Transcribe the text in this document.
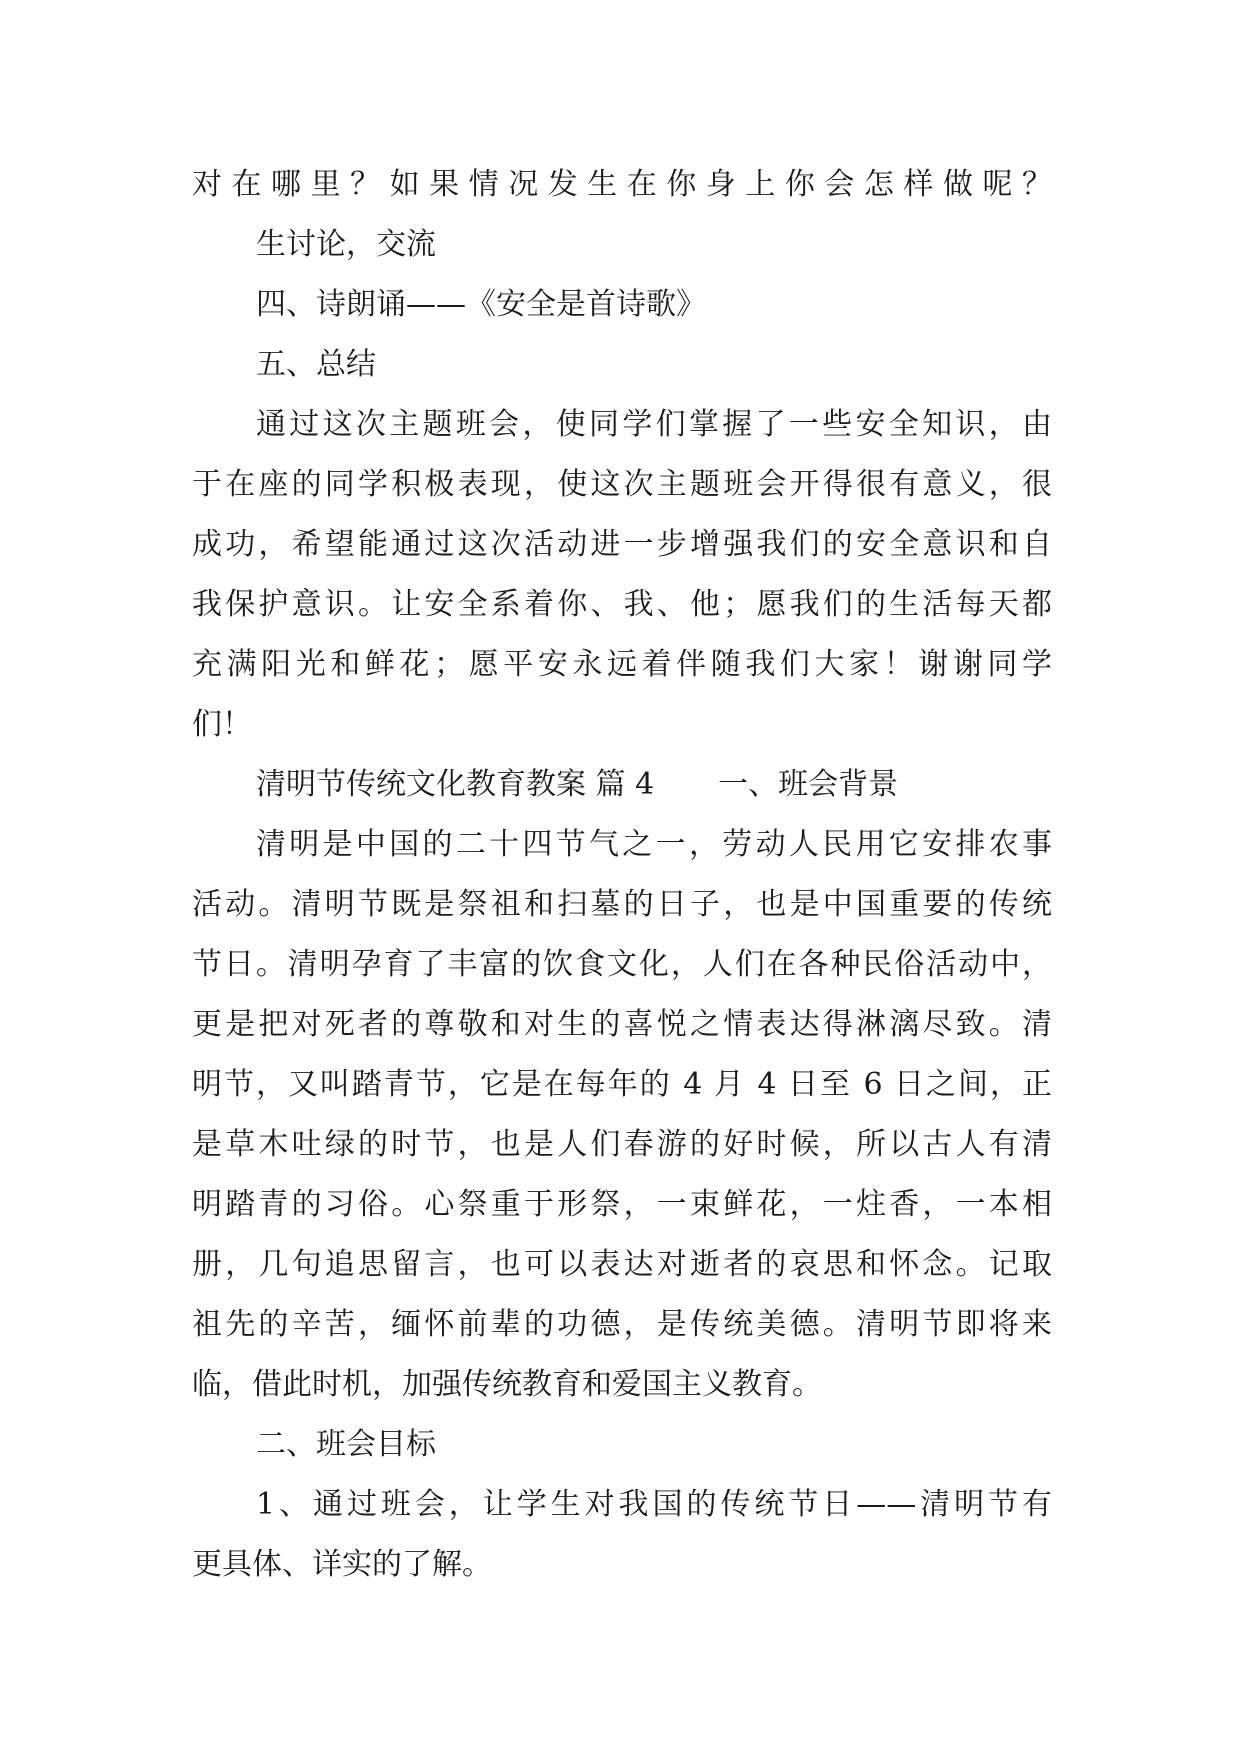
对在哪里？如果情况发生在你身上你会怎样做呢？
生讨论，交流
四、诗朗诵——《安全是首诗歌》
五、总结
通过这次主题班会，使同学们掌握了一些安全知识，由
于在座的同学积极表现，使这次主题班会开得很有意义，很
成功，希望能通过这次活动进一步增强我们的安全意识和自
我保护意识。让安全系着你、我、他；愿我们的生活每天都
充满阳光和鲜花；愿平安永远着伴随我们大家！谢谢同学
们！
清明节传统文化教育教案 篇 4 一、班会背景
清明是中国的二十四节气之一，劳动人民用它安排农事
活动。清明节既是祭祖和扫墓的日子，也是中国重要的传统
节日。清明孕育了丰富的饮食文化，人们在各种民俗活动中，
更是把对死者的尊敬和对生的喜悦之情表达得淋漓尽致。清
明节，又叫踏青节，它是在每年的 4 月 4 日至 6 日之间，正
是草木吐绿的时节，也是人们春游的好时候，所以古人有清
明踏青的习俗。心祭重于形祭，一束鲜花，一炷香，一本相
册，几句追思留言，也可以表达对逝者的哀思和怀念。记取
祖先的辛苦，缅怀前辈的功德，是传统美德。清明节即将来
临，借此时机，加强传统教育和爱国主义教育。
二、班会目标
1、通过班会，让学生对我国的传统节日——清明节有
更具体、详实的了解。
